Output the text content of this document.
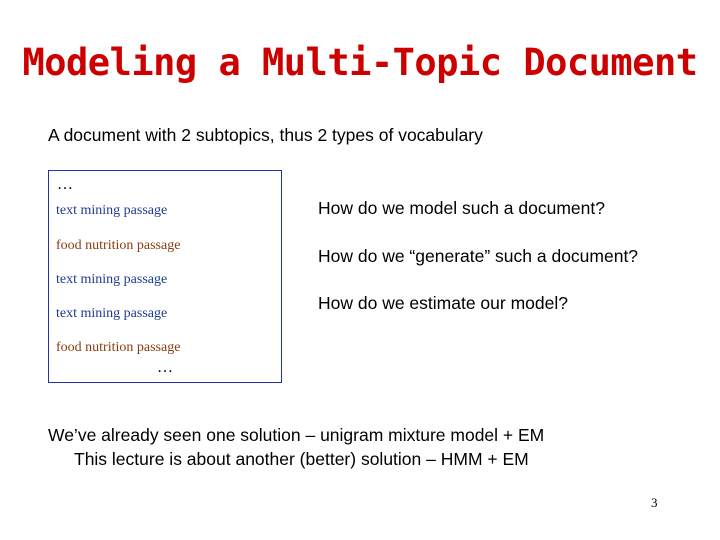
Modeling a Multi-Topic Document
A document with 2 subtopics, thus 2 types of vocabulary
…
text mining passage
food nutrition passage
text mining passage
text mining passage
food nutrition passage
…
How do we model such a document?
How do we “generate” such a document?
How do we estimate our model?
We’ve already seen one solution – unigram mixture model + EM
This lecture is about another (better) solution – HMM + EM
3
